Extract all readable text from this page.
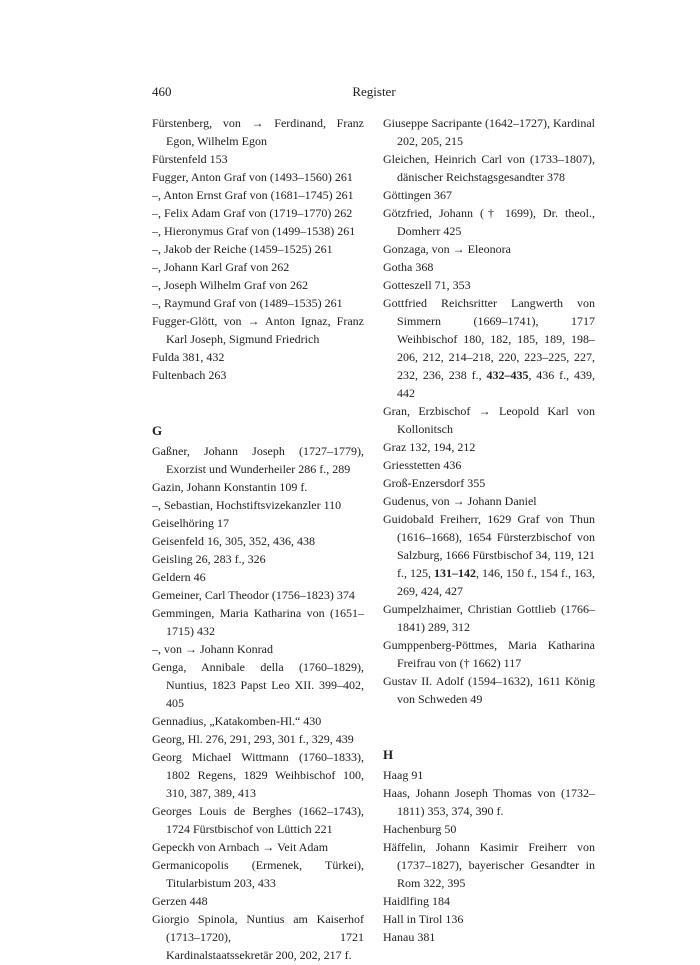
460	Register
Fürstenberg, von → Ferdinand, Franz Egon, Wilhelm Egon
Fürstenfeld 153
Fugger, Anton Graf von (1493–1560) 261
–, Anton Ernst Graf von (1681–1745) 261
–, Felix Adam Graf von (1719–1770) 262
–, Hieronymus Graf von (1499–1538) 261
–, Jakob der Reiche (1459–1525) 261
–, Johann Karl Graf von 262
–, Joseph Wilhelm Graf von 262
–, Raymund Graf von (1489–1535) 261
Fugger-Glött, von → Anton Ignaz, Franz Karl Joseph, Sigmund Friedrich
Fulda 381, 432
Fultenbach 263
G
Gaßner, Johann Joseph (1727–1779), Exorzist und Wunderheiler 286 f., 289
Gazin, Johann Konstantin 109 f.
–, Sebastian, Hochstiftsvizekanzler 110
Geiselhöring 17
Geisenfeld 16, 305, 352, 436, 438
Geisling 26, 283 f., 326
Geldern 46
Gemeiner, Carl Theodor (1756–1823) 374
Gemmingen, Maria Katharina von (1651–1715) 432
–, von → Johann Konrad
Genga, Annibale della (1760–1829), Nuntius, 1823 Papst Leo XII. 399–402, 405
Gennadius, „Katakomben-Hl.“ 430
Georg, Hl. 276, 291, 293, 301 f., 329, 439
Georg Michael Wittmann (1760–1833), 1802 Regens, 1829 Weihbischof 100, 310, 387, 389, 413
Georges Louis de Berghes (1662–1743), 1724 Fürstbischof von Lüttich 221
Gepeckh von Arnbach → Veit Adam
Germanicopolis (Ermenek, Türkei), Titularbistum 203, 433
Gerzen 448
Giorgio Spinola, Nuntius am Kaiserhof (1713–1720), 1721 Kardinalstaatssekretär 200, 202, 217 f.
Giuseppe Sacripante (1642–1727), Kardinal 202, 205, 215
Gleichen, Heinrich Carl von (1733–1807), dänischer Reichstagsgesandter 378
Göttingen 367
Götzfried, Johann († 1699), Dr. theol., Domherr 425
Gonzaga, von → Eleonora
Gotha 368
Gotteszell 71, 353
Gottfried Reichsritter Langwerth von Simmern (1669–1741), 1717 Weihbischof 180, 182, 185, 189, 198–206, 212, 214–218, 220, 223–225, 227, 232, 236, 238 f., 432–435, 436 f., 439, 442
Gran, Erzbischof → Leopold Karl von Kollonitsch
Graz 132, 194, 212
Griesstetten 436
Groß-Enzersdorf 355
Gudenus, von → Johann Daniel
Guidobald Freiherr, 1629 Graf von Thun (1616–1668), 1654 Fürsterzbischof von Salzburg, 1666 Fürstbischof 34, 119, 121 f., 125, 131–142, 146, 150 f., 154 f., 163, 269, 424, 427
Gumpelzhaimer, Christian Gottlieb (1766–1841) 289, 312
Gumppenberg-Pöttmes, Maria Katharina Freifrau von († 1662) 117
Gustav II. Adolf (1594–1632), 1611 König von Schweden 49
H
Haag 91
Haas, Johann Joseph Thomas von (1732–1811) 353, 374, 390 f.
Hachenburg 50
Häffelin, Johann Kasimir Freiherr von (1737–1827), bayerischer Gesandter in Rom 322, 395
Haidlfing 184
Hall in Tirol 136
Hanau 381
